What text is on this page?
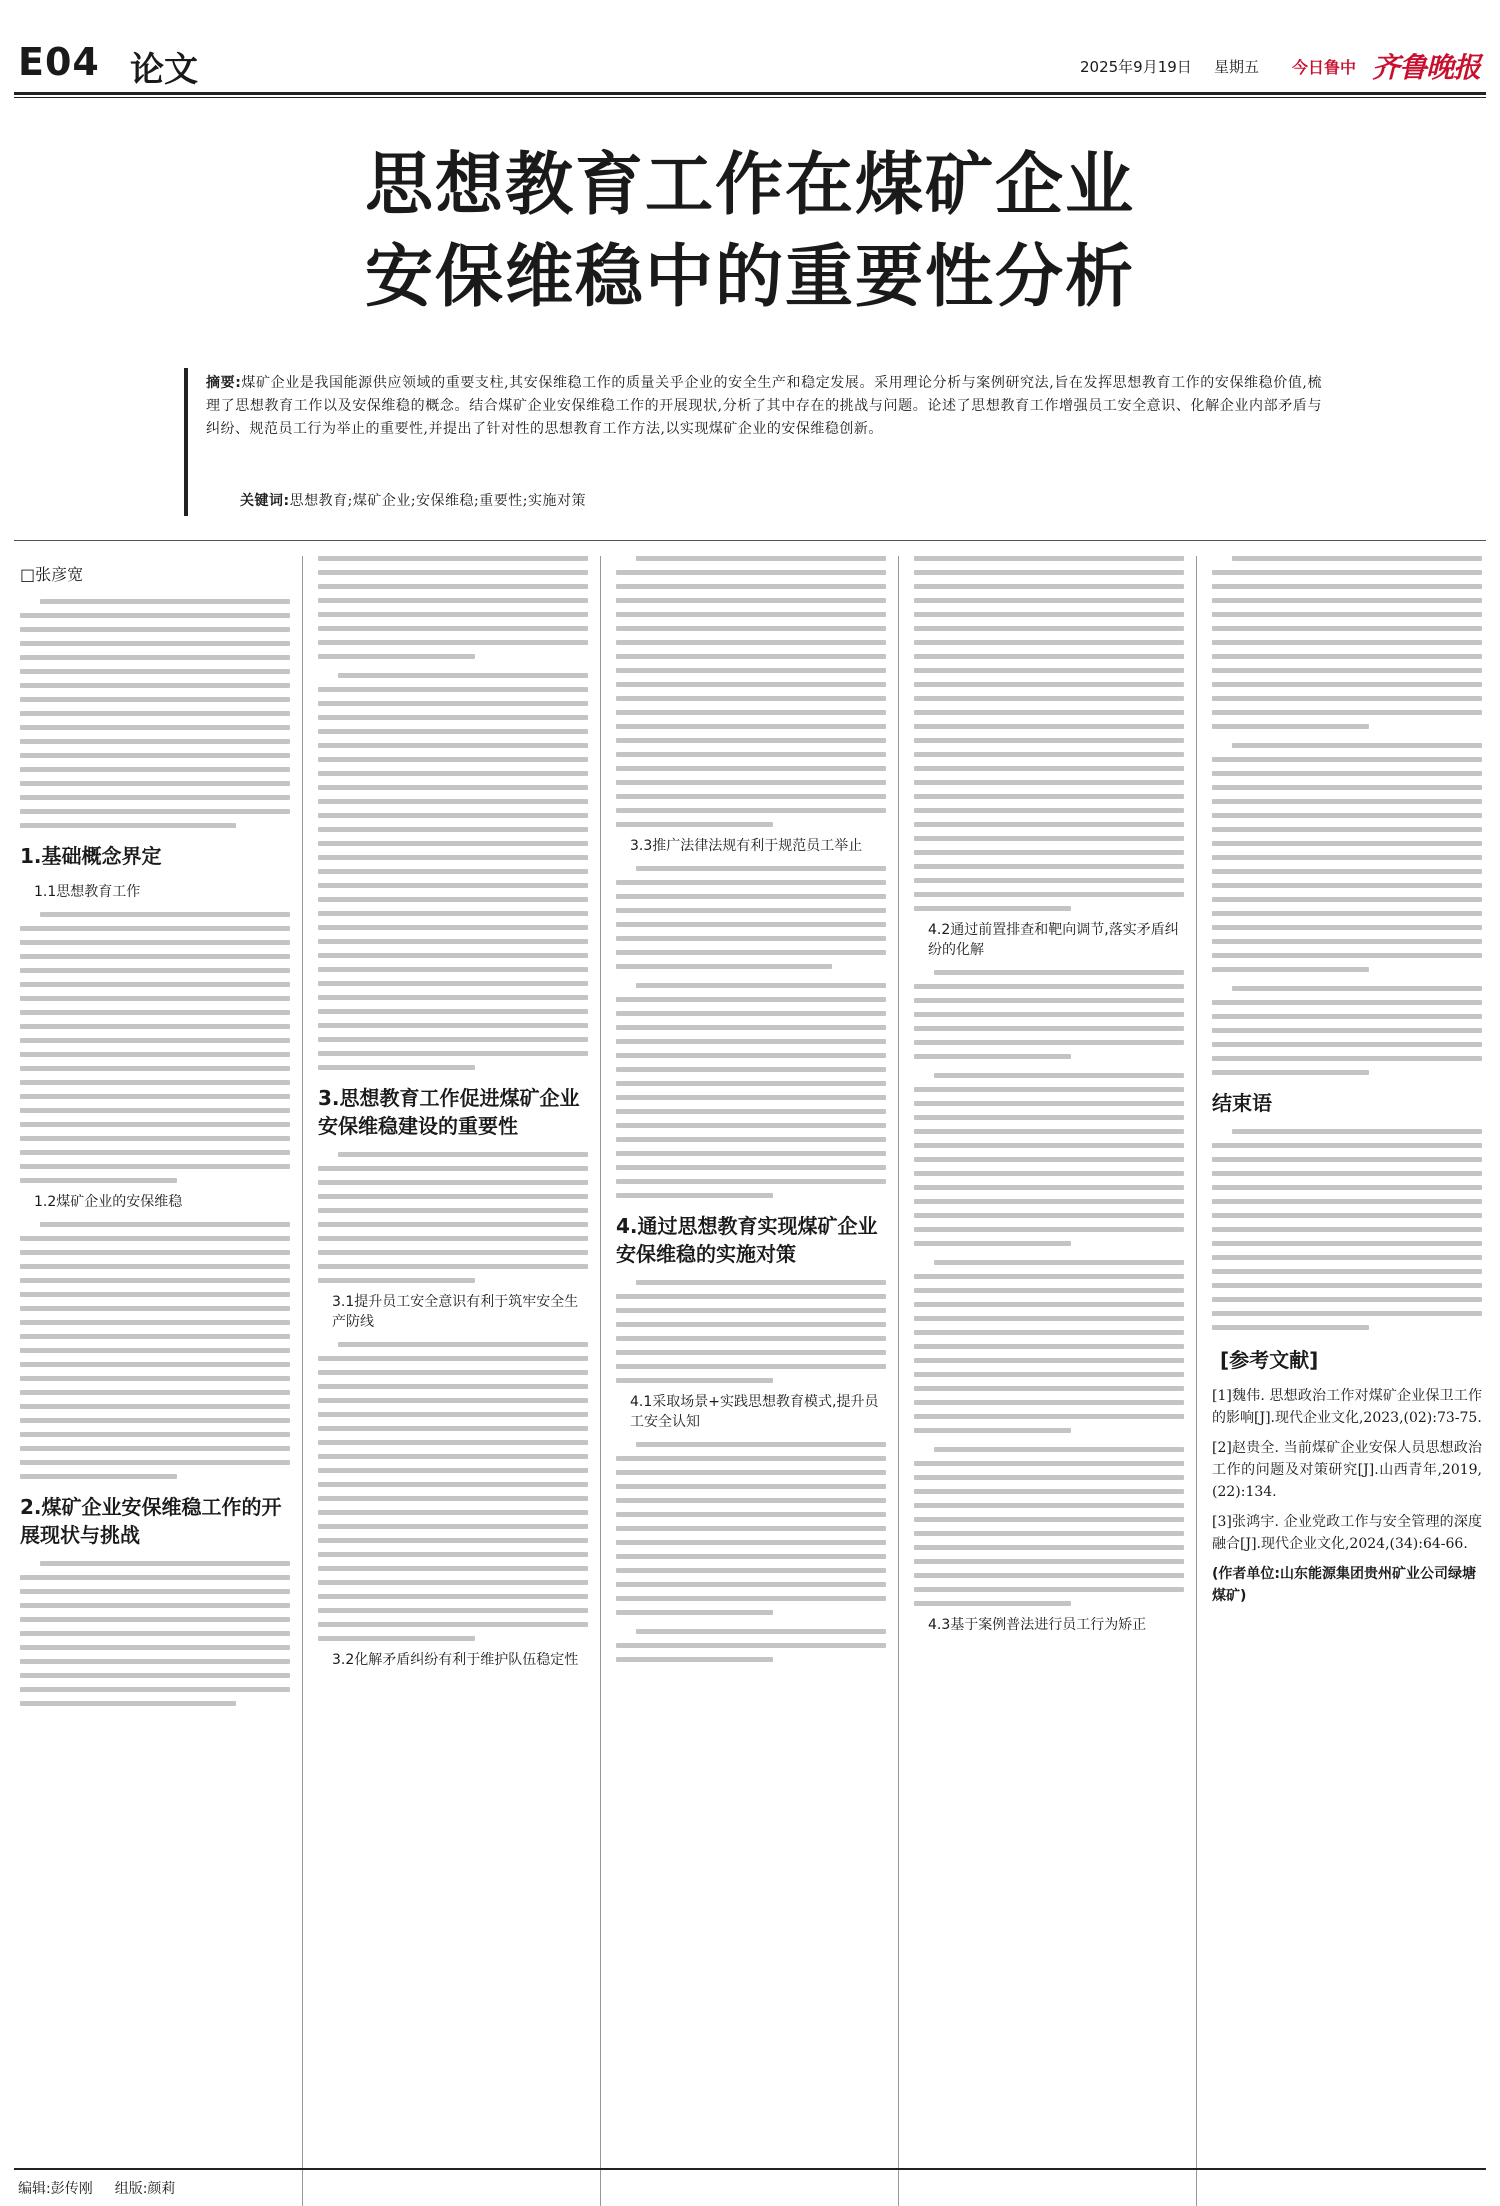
E04 论文	2025年9月19日 星期五 今日鲁中 齐鲁晚报
思想教育工作在煤矿企业
安保维稳中的重要性分析
摘要:煤矿企业是我国能源供应领域的重要支柱,其安保维稳工作的质量关乎企业的安全生产和稳定发展。采用理论分析与案例研究法,旨在发挥思想教育工作的安保维稳价值,梳理了思想教育工作以及安保维稳的概念。结合煤矿企业安保维稳工作的开展现状,分析了其中存在的挑战与问题。论述了思想教育工作增强员工安全意识、化解企业内部矛盾与纠纷、规范员工行为举止的重要性,并提出了针对性的思想教育工作方法,以实现煤矿企业的安保维稳创新。
关键词:思想教育;煤矿企业;安保维稳;重要性;实施对策
□张彦宽
1.基础概念界定
1.1思想教育工作
1.2煤矿企业的安保维稳
2.煤矿企业安保维稳工作的开展现状与挑战
3.思想教育工作促进煤矿企业安保维稳建设的重要性
3.1提升员工安全意识有利于筑牢安全生产防线
3.2化解矛盾纠纷有利于维护队伍稳定性
3.3推广法律法规有利于规范员工举止
4.通过思想教育实现煤矿企业安保维稳的实施对策
4.1采取场景+实践思想教育模式,提升员工安全认知
4.2通过前置排查和靶向调节,落实矛盾纠纷的化解
4.3基于案例普法进行员工行为矫正
结束语
[参考文献]
[1]魏伟. 思想政治工作对煤矿企业保卫工作的影响[J].现代企业文化,2023,(02):73-75.
[2]赵贵全. 当前煤矿企业安保人员思想政治工作的问题及对策研究[J].山西青年,2019,(22):134.
[3]张鸿宇. 企业党政工作与安全管理的深度融合[J].现代企业文化,2024,(34):64-66.
(作者单位:山东能源集团贵州矿业公司绿塘煤矿)
编辑:彭传刚 组版:颜莉
